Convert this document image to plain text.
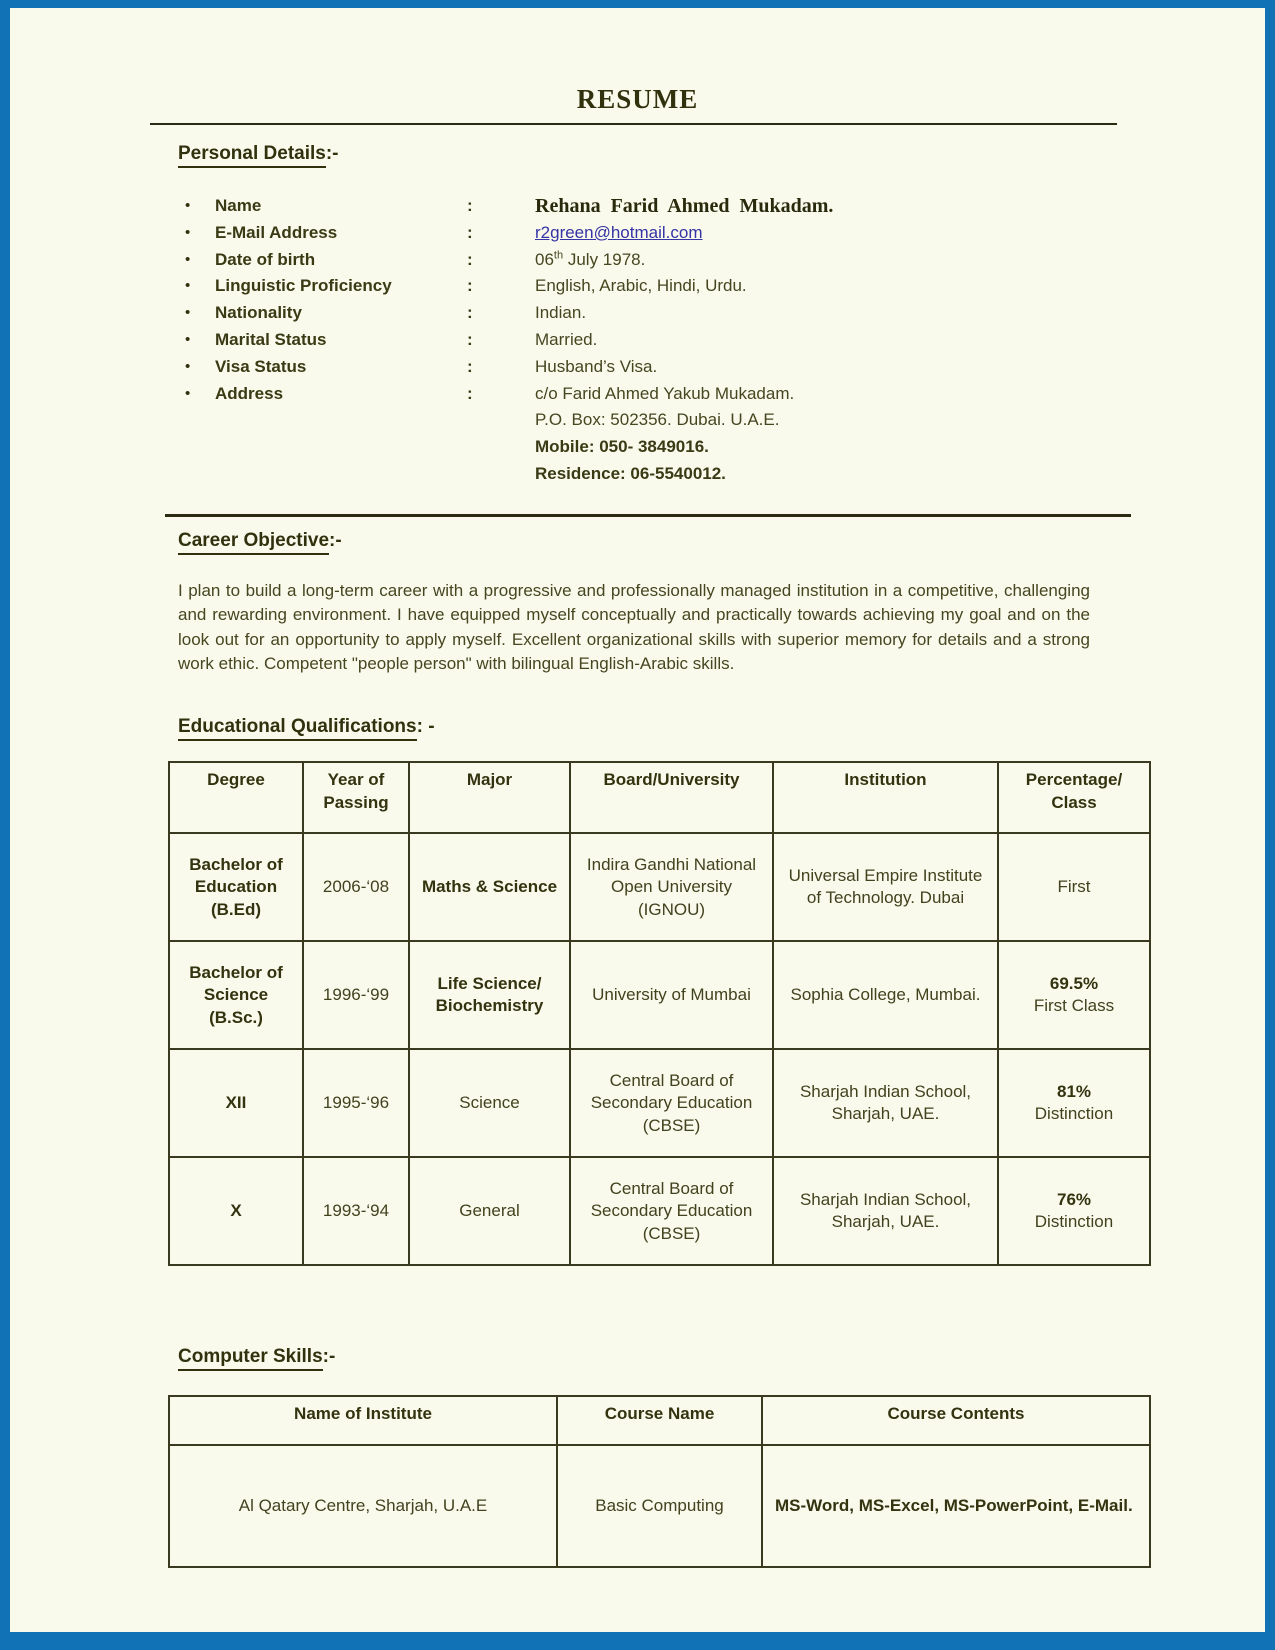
RESUME
Personal Details:-
•	Name	:	Rehana Farid Ahmed Mukadam.
•	E-Mail Address	:	r2green@hotmail.com
•	Date of birth	:	06th July 1978.
•	Linguistic Proficiency	:	English, Arabic, Hindi, Urdu.
•	Nationality	:	Indian.
•	Marital Status	:	Married.
•	Visa Status	:	Husband’s Visa.
•	Address	:	c/o Farid Ahmed Yakub Mukadam.
P.O. Box: 502356. Dubai. U.A.E.
Mobile: 050- 3849016.
Residence: 06-5540012.
Career Objective:-

I plan to build a long-term career with a progressive and professionally managed institution in a competitive, challenging and rewarding environment. I have equipped myself conceptually and practically towards achieving my goal and on the look out for an opportunity to apply myself. Excellent organizational skills with superior memory for details and a strong work ethic. Competent "people person" with bilingual English-Arabic skills.

Educational Qualifications: -
Degree	Year of Passing	Major	Board/University	Institution	Percentage/ Class
Bachelor of Education (B.Ed)	2006-‘08	Maths & Science	Indira Gandhi National Open University (IGNOU)	Universal Empire Institute of Technology. Dubai	First

Bachelor of Science (B.Sc.)	1996-‘99	Life Science/ Biochemistry	University of Mumbai	Sophia College, Mumbai.	69.5%
First Class

XII	1995-‘96	Science	Central Board of Secondary Education (CBSE)	Sharjah Indian School, Sharjah, UAE.	81%
Distinction

X	1993-‘94	General	Central Board of Secondary Education (CBSE)	Sharjah Indian School, Sharjah, UAE.	76%
Distinction
Computer Skills:-
Name of Institute	Course Name	Course Contents
Al Qatary Centre, Sharjah, U.A.E	Basic Computing	MS-Word, MS-Excel, MS-PowerPoint, E-Mail.
